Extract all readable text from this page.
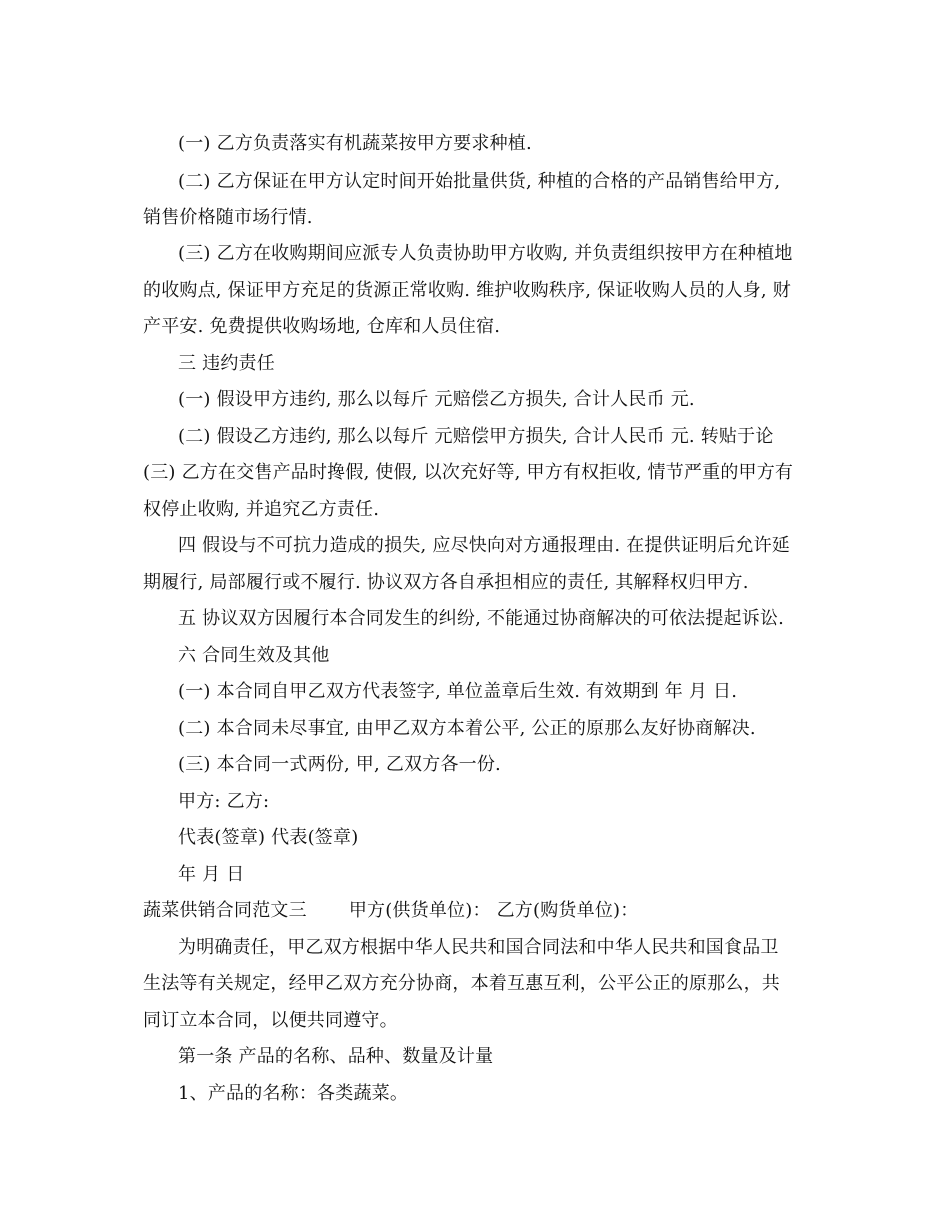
(一) 乙方负责落实有机蔬菜按甲方要求种植.
(二) 乙方保证在甲方认定时间开始批量供货, 种植的合格的产品销售给甲方,
销售价格随市场行情.
(三) 乙方在收购期间应派专人负责协助甲方收购, 并负责组织按甲方在种植地
的收购点, 保证甲方充足的货源正常收购. 维护收购秩序, 保证收购人员的人身, 财
产平安. 免费提供收购场地, 仓库和人员住宿.
三 违约责任
(一) 假设甲方违约, 那么以每斤 元赔偿乙方损失, 合计人民币 元.
(二) 假设乙方违约, 那么以每斤 元赔偿甲方损失, 合计人民币 元. 转贴于论
(三) 乙方在交售产品时搀假, 使假, 以次充好等, 甲方有权拒收, 情节严重的甲方有
权停止收购, 并追究乙方责任.
四 假设与不可抗力造成的损失, 应尽快向对方通报理由. 在提供证明后允许延
期履行, 局部履行或不履行. 协议双方各自承担相应的责任, 其解释权归甲方.
五 协议双方因履行本合同发生的纠纷, 不能通过协商解决的可依法提起诉讼.
六 合同生效及其他
(一) 本合同自甲乙双方代表签字, 单位盖章后生效. 有效期到 年 月 日.
(二) 本合同未尽事宜, 由甲乙双方本着公平, 公正的原那么友好协商解决.
(三) 本合同一式两份, 甲, 乙双方各一份.
甲方: 乙方:
代表(签章) 代表(签章)
年 月 日
蔬菜供销合同范文三 甲方(供货单位)： 乙方(购货单位)：
为明确责任，甲乙双方根据中华人民共和国合同法和中华人民共和国食品卫
生法等有关规定，经甲乙双方充分协商，本着互惠互利，公平公正的原那么，共
同订立本合同，以便共同遵守。
第一条 产品的名称、品种、数量及计量
1、产品的名称：各类蔬菜。
